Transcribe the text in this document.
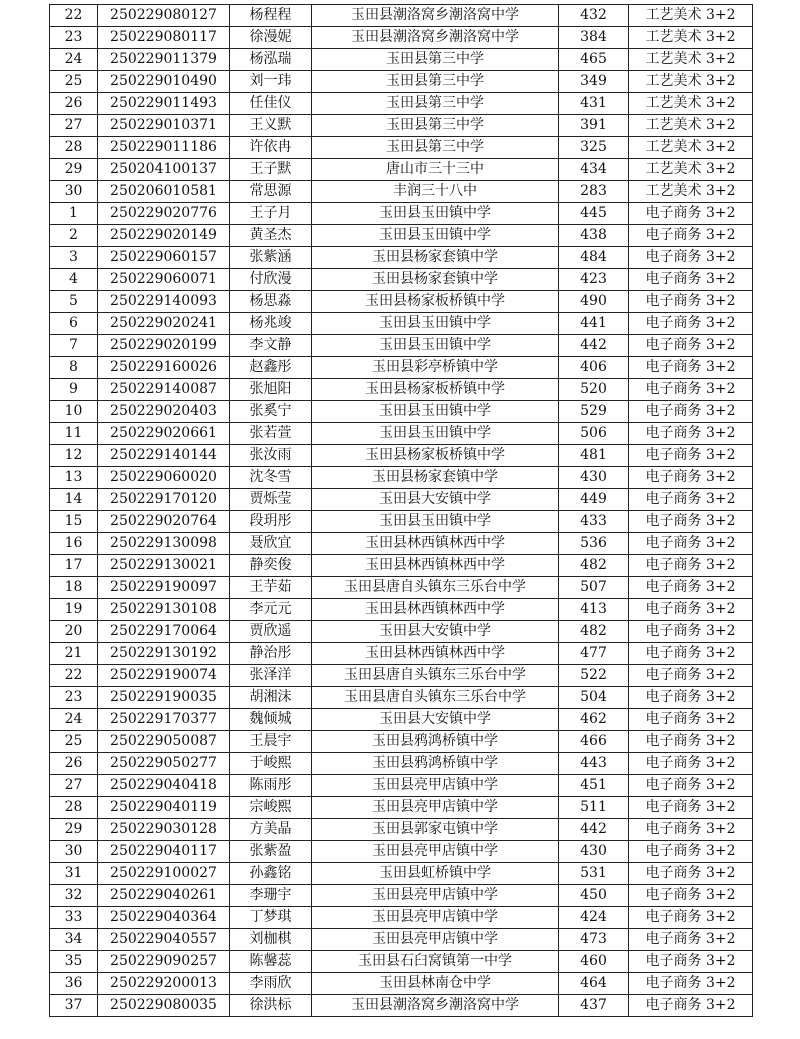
22	250229080127	杨程程	玉田县潮洛窝乡潮洛窝中学	432	工艺美术 3+2
23	250229080117	徐漫妮	玉田县潮洛窝乡潮洛窝中学	384	工艺美术 3+2
24	250229011379	杨泓瑞	玉田县第三中学	465	工艺美术 3+2
25	250229010490	刘一玮	玉田县第三中学	349	工艺美术 3+2
26	250229011493	任佳仪	玉田县第三中学	431	工艺美术 3+2
27	250229010371	王义默	玉田县第三中学	391	工艺美术 3+2
28	250229011186	许依冉	玉田县第三中学	325	工艺美术 3+2
29	250204100137	王子默	唐山市三十三中	434	工艺美术 3+2
30	250206010581	常思源	丰润三十八中	283	工艺美术 3+2
1	250229020776	王子月	玉田县玉田镇中学	445	电子商务 3+2
2	250229020149	黄圣杰	玉田县玉田镇中学	438	电子商务 3+2
3	250229060157	张紫涵	玉田县杨家套镇中学	484	电子商务 3+2
4	250229060071	付欣漫	玉田县杨家套镇中学	423	电子商务 3+2
5	250229140093	杨思淼	玉田县杨家板桥镇中学	490	电子商务 3+2
6	250229020241	杨兆竣	玉田县玉田镇中学	441	电子商务 3+2
7	250229020199	李文静	玉田县玉田镇中学	442	电子商务 3+2
8	250229160026	赵鑫彤	玉田县彩亭桥镇中学	406	电子商务 3+2
9	250229140087	张旭阳	玉田县杨家板桥镇中学	520	电子商务 3+2
10	250229020403	张奚宁	玉田县玉田镇中学	529	电子商务 3+2
11	250229020661	张若萱	玉田县玉田镇中学	506	电子商务 3+2
12	250229140144	张汝雨	玉田县杨家板桥镇中学	481	电子商务 3+2
13	250229060020	沈冬雪	玉田县杨家套镇中学	430	电子商务 3+2
14	250229170120	贾烁莹	玉田县大安镇中学	449	电子商务 3+2
15	250229020764	段玥彤	玉田县玉田镇中学	433	电子商务 3+2
16	250229130098	聂欣宜	玉田县林西镇林西中学	536	电子商务 3+2
17	250229130021	静奕俊	玉田县林西镇林西中学	482	电子商务 3+2
18	250229190097	王芋茹	玉田县唐自头镇东三乐台中学	507	电子商务 3+2
19	250229130108	李元元	玉田县林西镇林西中学	413	电子商务 3+2
20	250229170064	贾欣遥	玉田县大安镇中学	482	电子商务 3+2
21	250229130192	静治彤	玉田县林西镇林西中学	477	电子商务 3+2
22	250229190074	张泽洋	玉田县唐自头镇东三乐台中学	522	电子商务 3+2
23	250229190035	胡湘沫	玉田县唐自头镇东三乐台中学	504	电子商务 3+2
24	250229170377	魏倾城	玉田县大安镇中学	462	电子商务 3+2
25	250229050087	王晨宇	玉田县鸦鸿桥镇中学	466	电子商务 3+2
26	250229050277	于峻熙	玉田县鸦鸿桥镇中学	443	电子商务 3+2
27	250229040418	陈雨彤	玉田县亮甲店镇中学	451	电子商务 3+2
28	250229040119	宗峻熙	玉田县亮甲店镇中学	511	电子商务 3+2
29	250229030128	方美晶	玉田县郭家屯镇中学	442	电子商务 3+2
30	250229040117	张紫盈	玉田县亮甲店镇中学	430	电子商务 3+2
31	250229100027	孙鑫铭	玉田县虹桥镇中学	531	电子商务 3+2
32	250229040261	李珊宇	玉田县亮甲店镇中学	450	电子商务 3+2
33	250229040364	丁梦琪	玉田县亮甲店镇中学	424	电子商务 3+2
34	250229040557	刘枷棋	玉田县亮甲店镇中学	473	电子商务 3+2
35	250229090257	陈馨蕊	玉田县石臼窝镇第一中学	460	电子商务 3+2
36	250229200013	李雨欣	玉田县林南仓中学	464	电子商务 3+2
37	250229080035	徐洪标	玉田县潮洛窝乡潮洛窝中学	437	电子商务 3+2
